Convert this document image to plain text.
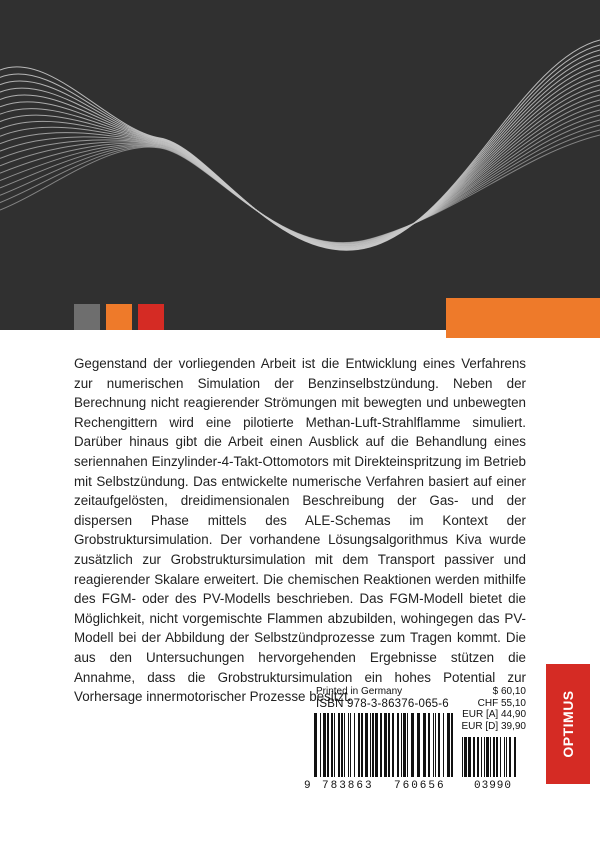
Gegenstand der vorliegenden Arbeit ist die Entwicklung eines Verfahrens zur numerischen Simulation der Benzinselbstzündung. Neben der Berechnung nicht reagierender Strömungen mit bewegten und unbewegten Rechengittern wird eine pilotierte Methan-Luft-Strahlflamme simuliert. Darüber hinaus gibt die Arbeit einen Ausblick auf die Behandlung eines seriennahen Einzylinder-4-Takt-Ottomotors mit Direkteinspritzung im Betrieb mit Selbstzündung. Das entwickelte numerische Verfahren basiert auf einer zeitaufgelösten, dreidimensionalen Beschreibung der Gas- und der dispersen Phase mittels des ALE-Schemas im Kontext der Grobstruktursimulation. Der vorhandene Lösungsalgorithmus Kiva wurde zusätzlich zur Grobstruktursimulation mit dem Transport passiver und reagierender Skalare erweitert. Die chemischen Reaktionen werden mithilfe des FGM- oder des PV-Modells beschrieben. Das FGM-Modell bietet die Möglichkeit, nicht vorgemischte Flammen abzubilden, wohingegen das PV-Modell bei der Abbildung der Selbstzündprozesse zum Tragen kommt. Die aus den Untersuchungen hervorgehenden Ergebnisse stützen die Annahme, dass die Grobstruktursimulation ein hohes Potential zur Vorhersage innermotorischer Prozesse besitzt.

Printed in Germany
ISBN 978-3-86376-065-6
9 783863 760656	03990
$ 60,10
CHF 55,10
EUR [A] 44,90
EUR [D] 39,90 OPTIMUS
